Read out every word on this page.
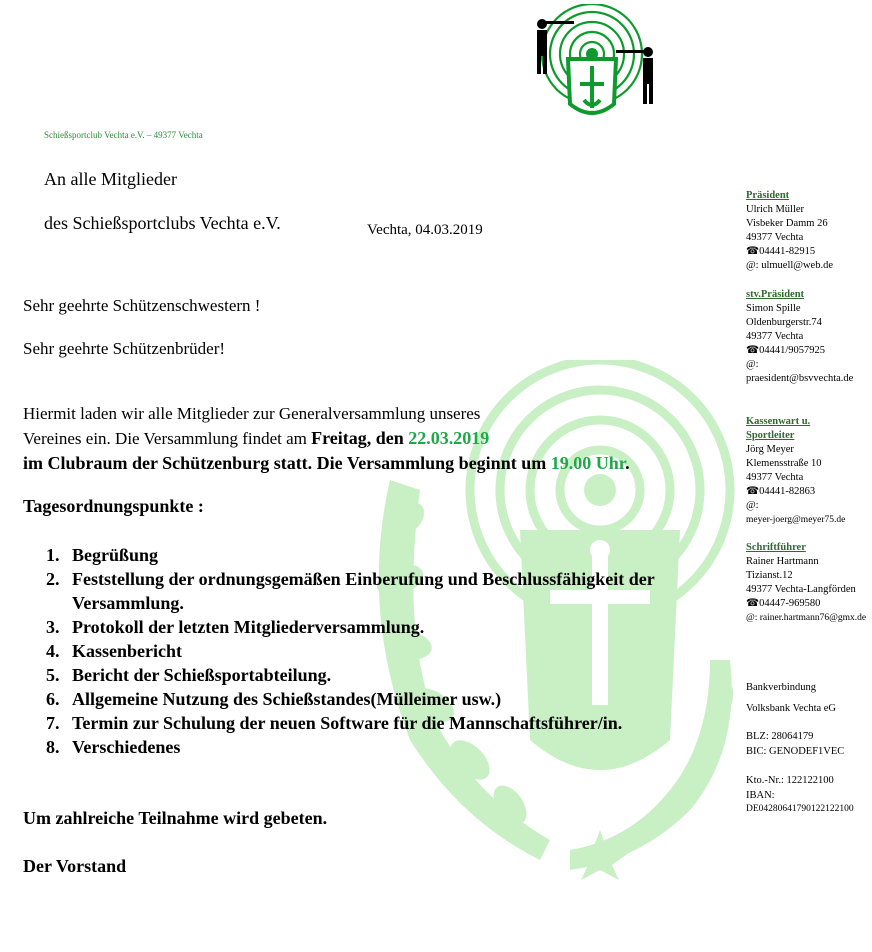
Schießsportclub Vechta e.V. – 49377 Vechta
An alle Mitglieder
des Schießsportclubs Vechta e.V.	Vechta, 04.03.2019
Sehr geehrte Schützenschwestern !
Sehr geehrte Schützenbrüder!
Hiermit laden wir alle Mitglieder zur Generalversammlung unseres
Vereines ein. Die Versammlung findet am Freitag, den 22.03.2019
im Clubraum der Schützenburg statt. Die Versammlung beginnt um 19.00 Uhr.
Tagesordnungspunkte :
1. Begrüßung
2. Feststellung der ordnungsgemäßen Einberufung und Beschlussfähigkeit der Versammlung.
3. Protokoll der letzten Mitgliederversammlung.
4. Kassenbericht
5. Bericht der Schießsportabteilung.
6. Allgemeine Nutzung des Schießstandes(Mülleimer usw.)
7. Termin zur Schulung der neuen Software für die Mannschaftsführer/in.
8. Verschiedenes
Um zahlreiche Teilnahme wird gebeten.
Der Vorstand
Präsident
Ulrich Müller
Visbeker Damm 26
49377 Vechta
☎04441-82915
@: ulmuell@web.de
stv.Präsident
Simon Spille
Oldenburgerstr.74
49377 Vechta
☎04441/9057925
@:
praesident@bsvvechta.de
Kassenwart u.
Sportleiter
Jörg Meyer
Klemensstraße 10
49377 Vechta
☎04441-82863
@:
meyer-joerg@meyer75.de
Schriftführer
Rainer Hartmann
Tizianst.12
49377 Vechta-Langförden
☎04447-969580
@: rainer.hartmann76@gmx.de
Bankverbindung
Volksbank Vechta eG
BLZ: 28064179
BIC: GENODEF1VEC
Kto.-Nr.: 122122100
IBAN:
DE04280641790122122100
